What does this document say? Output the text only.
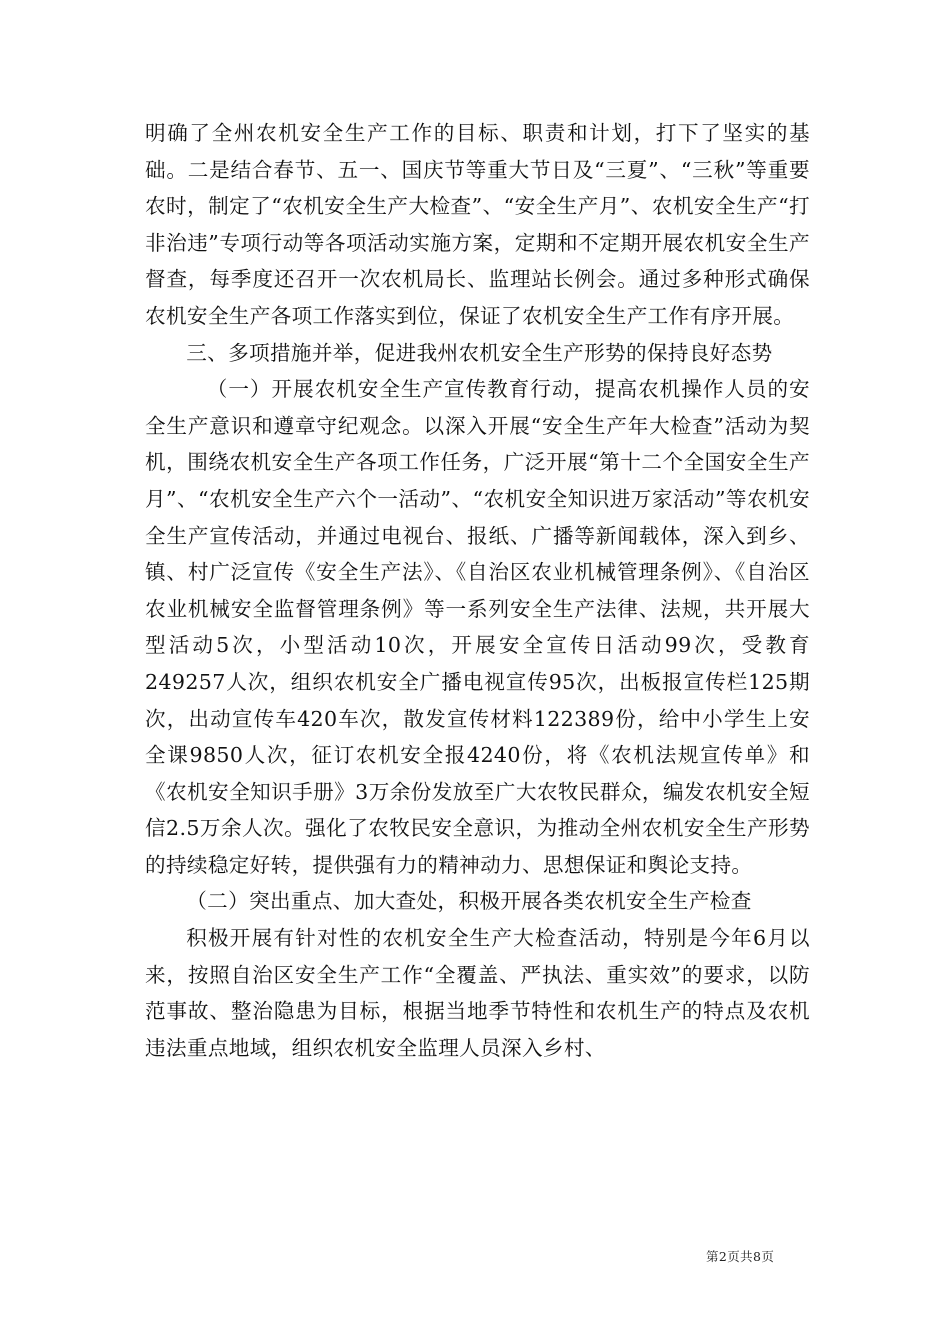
明确了全州农机安全生产工作的目标、职责和计划，打下了坚实的基础。二是结合春节、五一、国庆节等重大节日及“三夏”、“三秋”等重要农时，制定了“农机安全生产大检查”、“安全生产月”、农机安全生产“打非治违”专项行动等各项活动实施方案，定期和不定期开展农机安全生产督查，每季度还召开一次农机局长、监理站长例会。通过多种形式确保农机安全生产各项工作落实到位，保证了农机安全生产工作有序开展。

三、多项措施并举，促进我州农机安全生产形势的保持良好态势

（一）开展农机安全生产宣传教育行动，提高农机操作人员的安全生产意识和遵章守纪观念。以深入开展“安全生产年大检查”活动为契机，围绕农机安全生产各项工作任务，广泛开展“第十二个全国安全生产月”、“农机安全生产六个一活动”、“农机安全知识进万家活动”等农机安全生产宣传活动，并通过电视台、报纸、广播等新闻载体，深入到乡、镇、村广泛宣传《安全生产法》、《自治区农业机械管理条例》、《自治区农业机械安全监督管理条例》等一系列安全生产法律、法规，共开展大型活动5次，小型活动10次，开展安全宣传日活动99次，受教育249257人次，组织农机安全广播电视宣传95次，出板报宣传栏125期次，出动宣传车420车次，散发宣传材料122389份，给中小学生上安全课9850人次，征订农机安全报4240份，将《农机法规宣传单》和《农机安全知识手册》3万余份发放至广大农牧民群众，编发农机安全短信2.5万余人次。强化了农牧民安全意识，为推动全州农机安全生产形势的持续稳定好转，提供强有力的精神动力、思想保证和舆论支持。

（二）突出重点、加大查处，积极开展各类农机安全生产检查

积极开展有针对性的农机安全生产大检查活动，特别是今年6月以来，按照自治区安全生产工作“全覆盖、严执法、重实效”的要求，以防范事故、整治隐患为目标，根据当地季节特性和农机生产的特点及农机违法重点地域，组织农机安全监理人员深入乡村、

第2页共8页
